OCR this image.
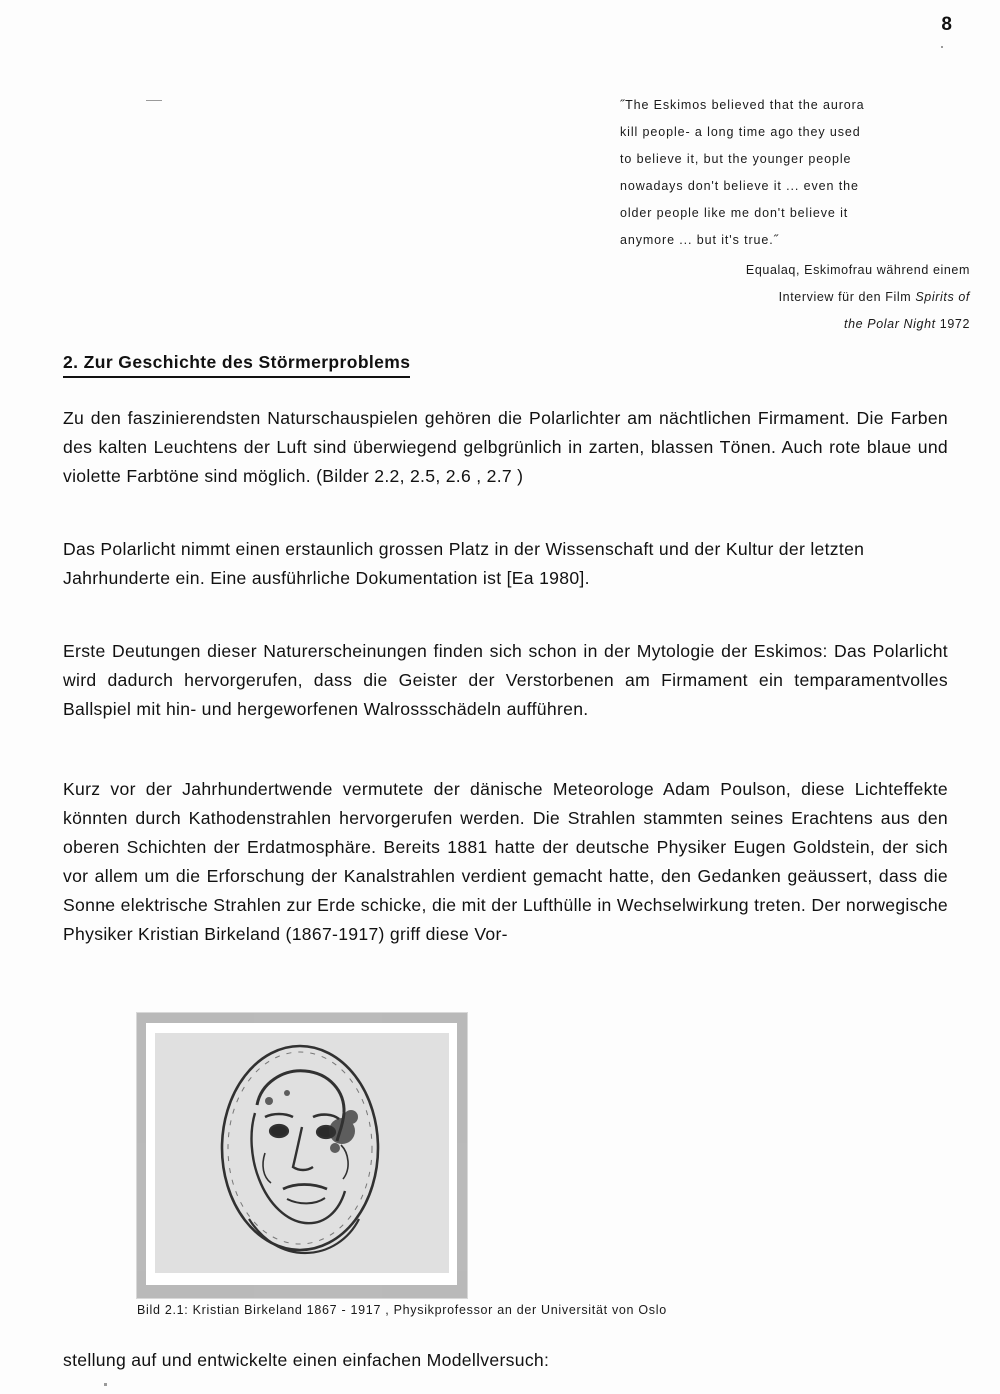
8
˝The Eskimos believed that the aurora
kill people- a long time ago they used
to believe it, but the younger people
nowadays don't believe it ... even the
older people like me don't believe it
anymore ... but it's true.˝
Equalaq, Eskimofrau während einem
Interview für den Film Spirits of
the Polar Night 1972
2. Zur Geschichte des Störmerproblems
Zu den faszinierendsten Naturschauspielen gehören die Polarlichter am nächtlichen Firmament. Die Farben des kalten Leuchtens der Luft sind überwiegend gelbgrünlich in zarten, blassen Tönen. Auch rote blaue und violette Farbtöne sind möglich. (Bilder 2.2, 2.5, 2.6 , 2.7 )
Das Polarlicht nimmt einen erstaunlich grossen Platz in der Wissenschaft und der Kultur der letzten Jahrhunderte ein. Eine ausführliche Dokumentation ist [Ea 1980].
Erste Deutungen dieser Naturerscheinungen finden sich schon in der Mytologie der Eskimos: Das Polarlicht wird dadurch hervorgerufen, dass die Geister der Verstorbenen am Firmament ein temparamentvolles Ballspiel mit hin- und hergeworfenen Walrossschädeln aufführen.
Kurz vor der Jahrhundertwende vermutete der dänische Meteorologe Adam Poulson, diese Lichteffekte könnten durch Kathodenstrahlen hervorgerufen werden. Die Strahlen stammten seines Erachtens aus den oberen Schichten der Erdatmosphäre. Bereits 1881 hatte der deutsche Physiker Eugen Goldstein, der sich vor allem um die Erforschung der Kanalstrahlen verdient gemacht hatte, den Gedanken geäussert, dass die Sonne elektrische Strahlen zur Erde schicke, die mit der Lufthülle in Wechselwirkung treten. Der norwegische Physiker Kristian Birkeland (1867-1917) griff diese Vor-
Bild 2.1: Kristian Birkeland 1867 - 1917 , Physikprofessor an der Universität von Oslo
stellung auf und entwickelte einen einfachen Modellversuch:
